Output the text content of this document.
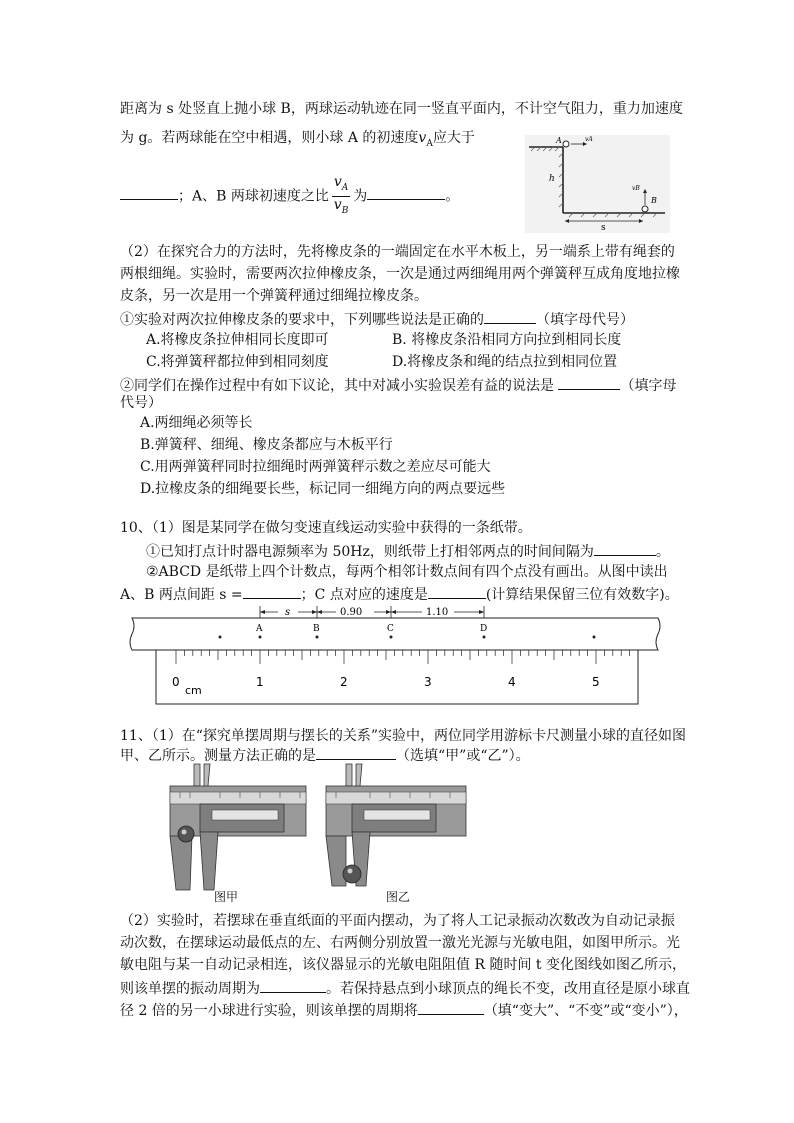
距离为 s 处竖直上抛小球 B，两球运动轨迹在同一竖直平面内，不计空气阻力，重力加速度
为 g。若两球能在空中相遇，则小球 A 的初速度$v_A$应大于
；A、B 两球初速度之比 $\frac{v_A}{v_B}$ 为	。
A	vA
h
vB
B
s
（2）在探究合力的方法时，先将橡皮条的一端固定在水平木板上，另一端系上带有绳套的
两根细绳。实验时，需要两次拉伸橡皮条，一次是通过两细绳用两个弹簧秤互成角度地拉橡
皮条，另一次是用一个弹簧秤通过细绳拉橡皮条。
①实验对两次拉伸橡皮条的要求中，下列哪些说法是正确的	（填字母代号）
A.将橡皮条拉伸相同长度即可	B. 将橡皮条沿相同方向拉到相同长度
C.将弹簧秤都拉伸到相同刻度	D.将橡皮条和绳的结点拉到相同位置
②同学们在操作过程中有如下议论，其中对减小实验误差有益的说法是	（填字母
代号）
A.两细绳必须等长
B.弹簧秤、细绳、橡皮条都应与木板平行
C.用两弹簧秤同时拉细绳时两弹簧秤示数之差应尽可能大
D.拉橡皮条的细绳要长些，标记同一细绳方向的两点要远些
10、（1）图是某同学在做匀变速直线运动实验中获得的一条纸带。
①已知打点计时器电源频率为 50Hz，则纸带上打相邻两点的时间间隔为	。
②ABCD 是纸带上四个计数点，每两个相邻计数点间有四个点没有画出。从图中读出
A、B 两点间距 s =	；C 点对应的速度是	(计算结果保留三位有效数字)。
s	0.90	1.10
A	B	C	D
0	1	2	3	4	5
cm
11、（1）在“探究单摆周期与摆长的关系”实验中，两位同学用游标卡尺测量小球的直径如图
甲、乙所示。测量方法正确的是	（选填“甲”或“乙”）。
图甲	图乙
（2）实验时，若摆球在垂直纸面的平面内摆动，为了将人工记录振动次数改为自动记录振
动次数，在摆球运动最低点的左、右两侧分别放置一激光光源与光敏电阻，如图甲所示。光
敏电阻与某一自动记录相连，该仪器显示的光敏电阻阻值 R 随时间 t 变化图线如图乙所示，
则该单摆的振动周期为	。若保持悬点到小球顶点的绳长不变，改用直径是原小球直
径 2 倍的另一小球进行实验，则该单摆的周期将	（填“变大”、“不变”或“变小”），
